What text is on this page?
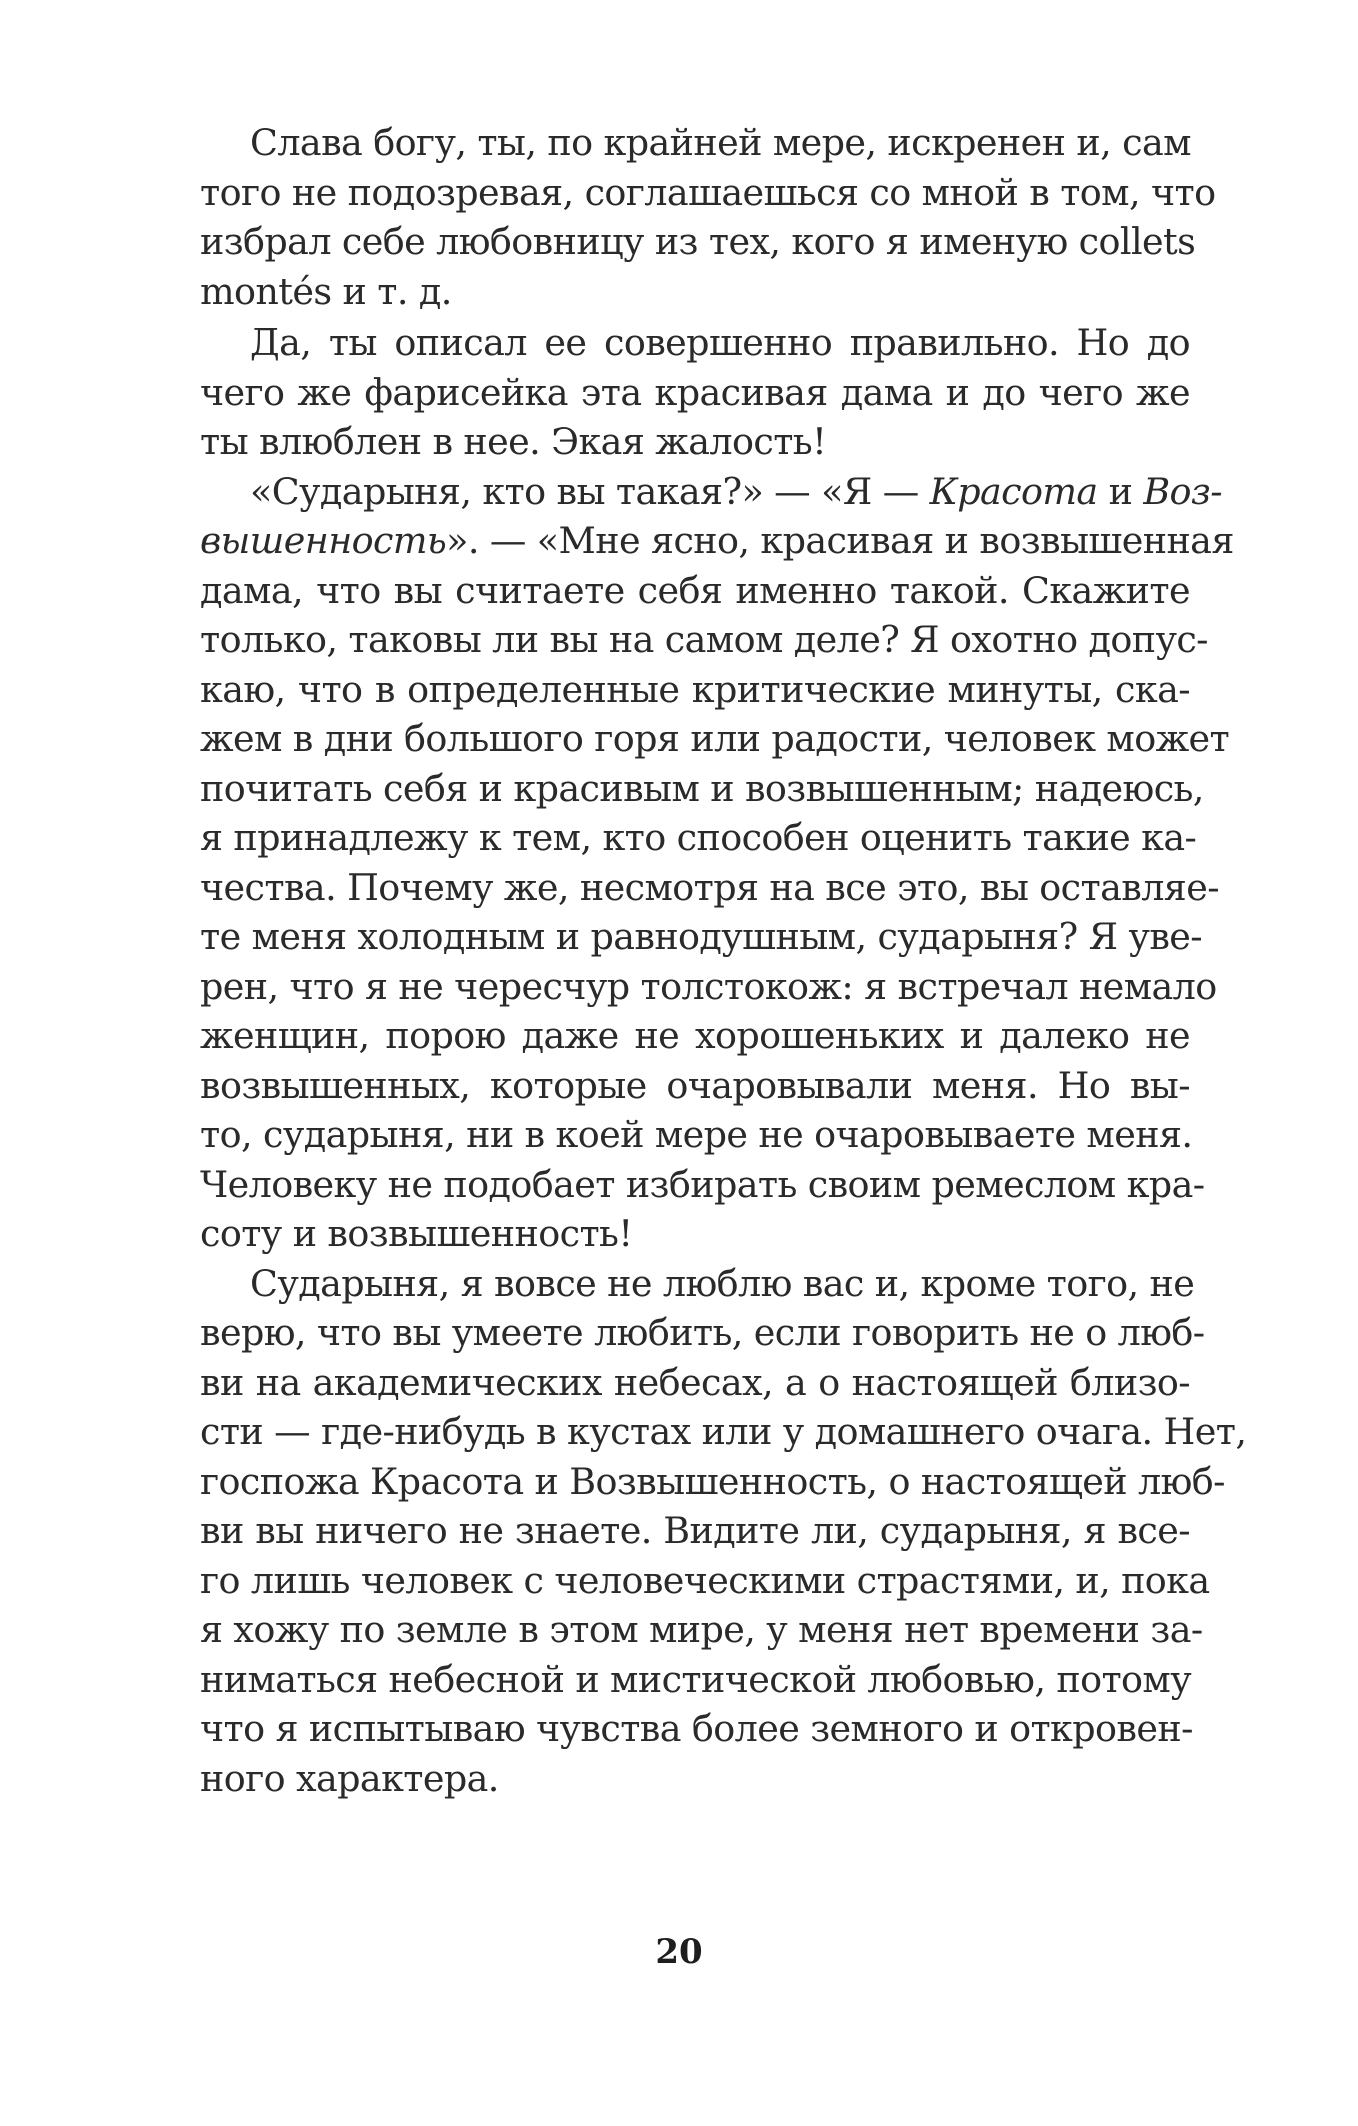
Слава богу, ты, по крайней мере, искренен и, сам
того не подозревая, соглашаешься со мной в том, что
избрал себе любовницу из тех, кого я именую collets
montés и т. д.
Да, ты описал ее совершенно правильно. Но до
чего же фарисейка эта красивая дама и до чего же
ты влюблен в нее. Экая жалость!
«Сударыня, кто вы такая?» — «Я — Красота и Воз-
вышенность». — «Мне ясно, красивая и возвышенная
дама, что вы считаете себя именно такой. Скажите
только, таковы ли вы на самом деле? Я охотно допус-
каю, что в определенные критические минуты, ска-
жем в дни большого горя или радости, человек может
почитать себя и красивым и возвышенным; надеюсь,
я принадлежу к тем, кто способен оценить такие ка-
чества. Почему же, несмотря на все это, вы оставляе-
те меня холодным и равнодушным, сударыня? Я уве-
рен, что я не чересчур толстокож: я встречал немало
женщин, порою даже не хорошеньких и далеко не
возвышенных, которые очаровывали меня. Но вы-
то, сударыня, ни в коей мере не очаровываете меня.
Человеку не подобает избирать своим ремеслом кра-
соту и возвышенность!
Сударыня, я вовсе не люблю вас и, кроме того, не
верю, что вы умеете любить, если говорить не о люб-
ви на академических небесах, а о настоящей близо-
сти — где-нибудь в кустах или у домашнего очага. Нет,
госпожа Красота и Возвышенность, о настоящей люб-
ви вы ничего не знаете. Видите ли, сударыня, я все-
го лишь человек с человеческими страстями, и, пока
я хожу по земле в этом мире, у меня нет времени за-
ниматься небесной и мистической любовью, потому
что я испытываю чувства более земного и откровен-
ного характера.
20
